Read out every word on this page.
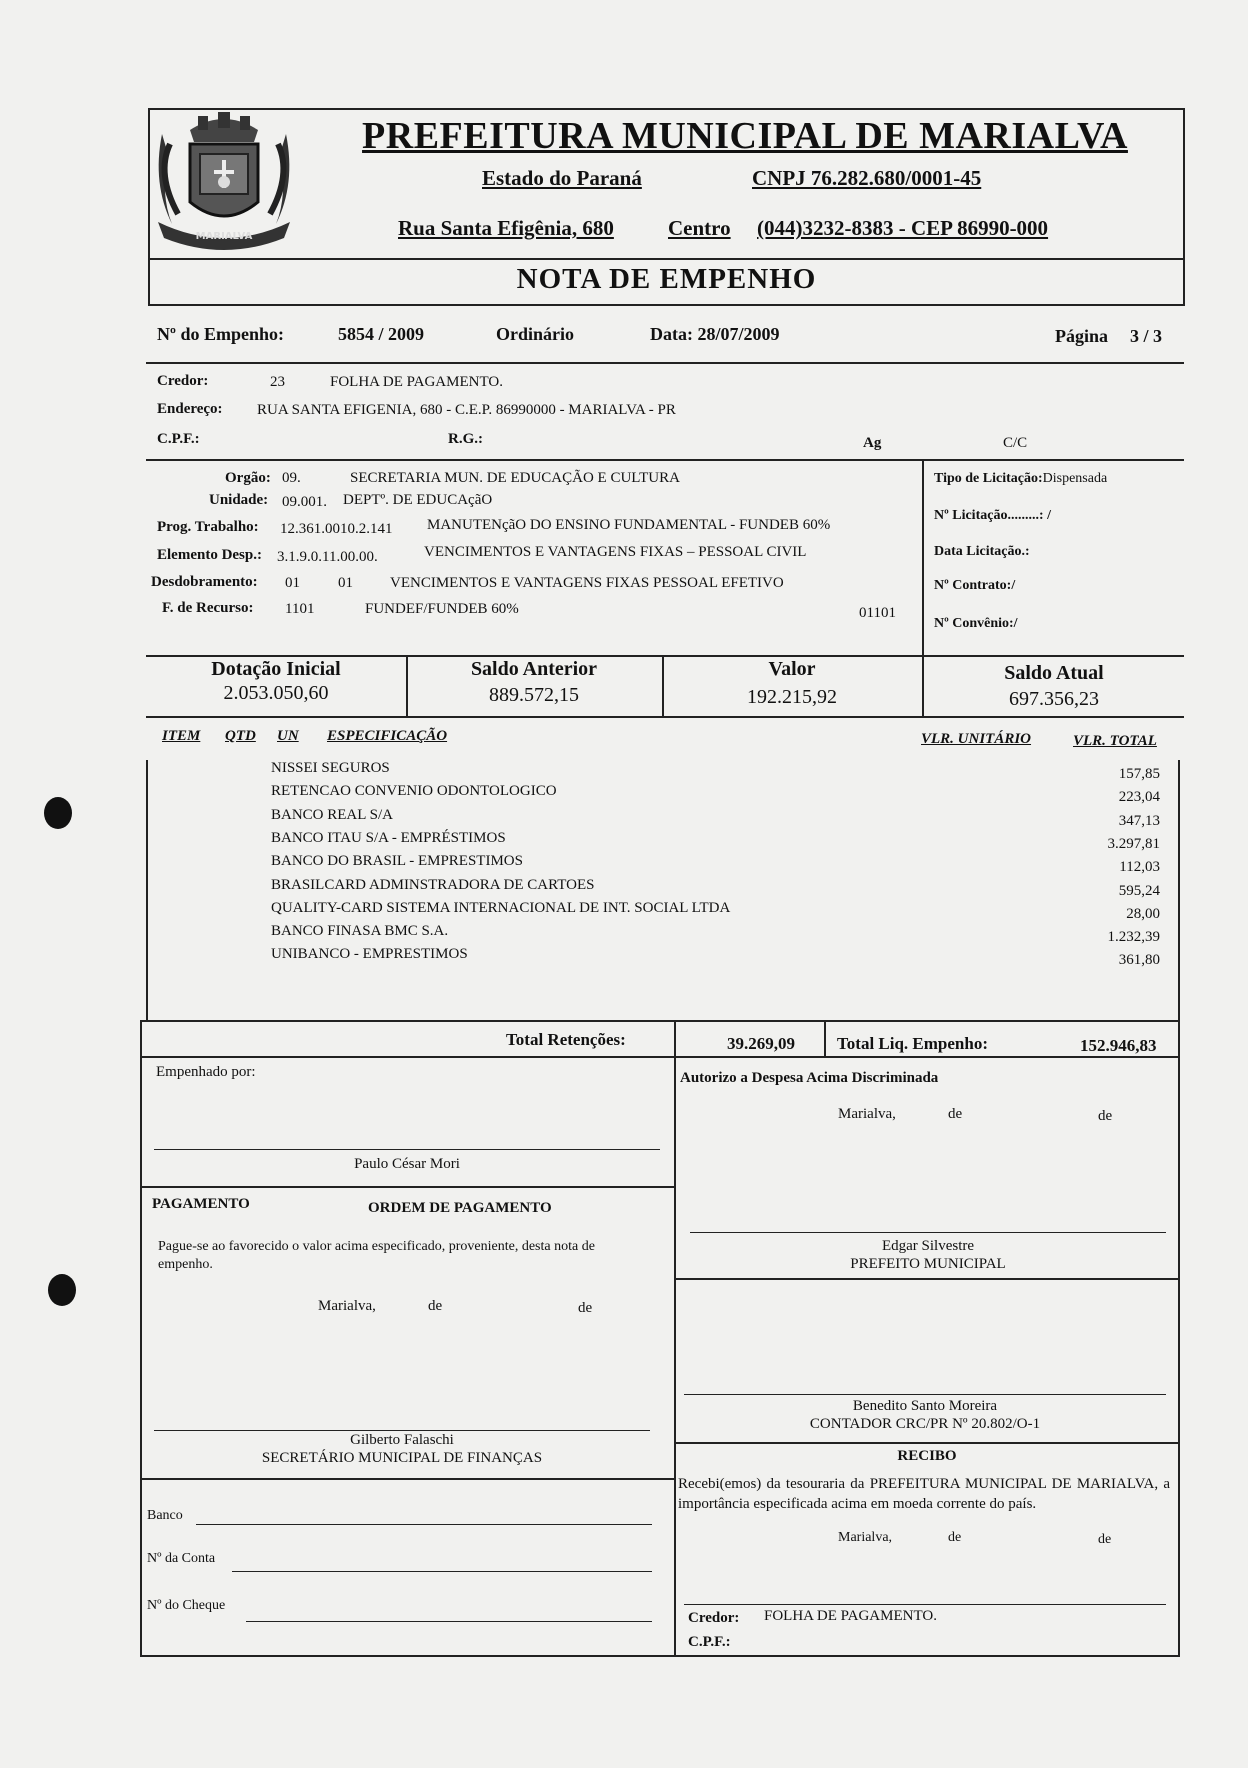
MARIALVA
PREFEITURA MUNICIPAL DE MARIALVA
Estado do Paraná	CNPJ 76.282.680/0001-45
Rua Santa Efigênia, 680	Centro (044)3232-8383 - CEP 86990-000
NOTA DE EMPENHO
Nº do Empenho:	5854 / 2009	Ordinário	Data: 28/07/2009	Página 3 / 3
Credor:	23	FOLHA DE PAGAMENTO.
Endereço: RUA SANTA EFIGENIA, 680 - C.E.P. 86990000 - MARIALVA - PR
C.P.F.:	R.G.:	Ag	C/C
Orgão: 09.	SECRETARIA MUN. DE EDUCAÇÃO E CULTURA
Unidade: 09.001. DEPTº. DE EDUCAçãO
Prog. Trabalho: 12.361.0010.2.141 MANUTENçãO DO ENSINO FUNDAMENTAL - FUNDEB 60%
Elemento Desp.: 3.1.9.0.11.00.00.	VENCIMENTOS E VANTAGENS FIXAS – PESSOAL CIVIL
Desdobramento: 01	01 VENCIMENTOS E VANTAGENS FIXAS PESSOAL EFETIVO
F. de Recurso: 1101	FUNDEF/FUNDEB 60%	01101
Tipo de Licitação:Dispensada
Nº Licitação.........: /
Data Licitação.:
Nº Contrato:/
Nº Convênio:/
Dotação Inicial
2.053.050,60
Saldo Anterior
889.572,15
Valor
192.215,92
Saldo Atual
697.356,23
ITEM QTD UN ESPECIFICAÇÃO	VLR. UNITÁRIO	VLR. TOTAL
NISSEI SEGUROS	157,85
RETENCAO CONVENIO ODONTOLOGICO	223,04
BANCO REAL S/A	347,13
BANCO ITAU S/A - EMPRÉSTIMOS	3.297,81
BANCO DO BRASIL - EMPRESTIMOS	112,03
BRASILCARD ADMINSTRADORA DE CARTOES	595,24
QUALITY-CARD SISTEMA INTERNACIONAL DE INT. SOCIAL LTDA	28,00
BANCO FINASA BMC S.A.	1.232,39
UNIBANCO - EMPRESTIMOS	361,80
Total Retenções:	39.269,09 Total Liq. Empenho:	152.946,83
Empenhado por:
Paulo César Mori
PAGAMENTO	ORDEM DE PAGAMENTO
Pague-se ao favorecido o valor acima especificado, proveniente, desta nota de empenho.
Marialva,	de	de
Gilberto Falaschi
SECRETÁRIO MUNICIPAL DE FINANÇAS
Banco
Nº da Conta
Nº do Cheque
Autorizo a Despesa Acima Discriminada
Marialva,	de	de
Edgar Silvestre
PREFEITO MUNICIPAL
Benedito Santo Moreira
CONTADOR CRC/PR Nº 20.802/O-1
RECIBO
Recebi(emos) da tesouraria da PREFEITURA MUNICIPAL DE MARIALVA, a importância especificada acima em moeda corrente do país.
Marialva,	de	de
Credor: FOLHA DE PAGAMENTO.
C.P.F.:
